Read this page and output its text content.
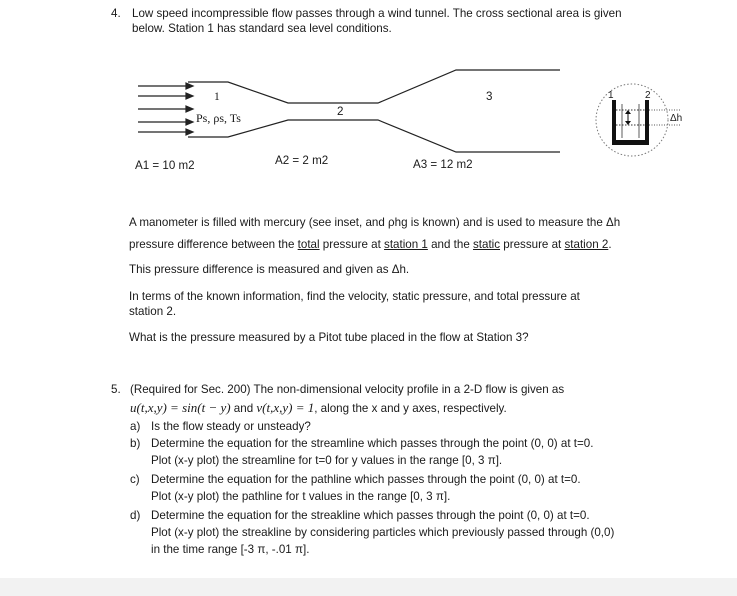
4. Low speed incompressible flow passes through a wind tunnel. The cross sectional area is given
below. Station 1 has standard sea level conditions.
1
Ps, ρs, Ts	2
3	1	2
Δh
A1 = 10 m2	A2 = 2 m2	A3 = 12 m2
A manometer is filled with mercury (see inset, and ρhg is known) and is used to measure the Δh
pressure difference between the total pressure at station 1 and the static pressure at station 2.
This pressure difference is measured and given as Δh.
In terms of the known information, find the velocity, static pressure, and total pressure at
station 2.
What is the pressure measured by a Pitot tube placed in the flow at Station 3?
5. (Required for Sec. 200) The non-dimensional velocity profile in a 2-D flow is given as
u(t,x,y) = sin(t − y) and v(t,x,y) = 1, along the x and y axes, respectively.
a) Is the flow steady or unsteady?
b) Determine the equation for the streamline which passes through the point (0, 0) at t=0.
Plot (x-y plot) the streamline for t=0 for y values in the range [0, 3 π].
c) Determine the equation for the pathline which passes through the point (0, 0) at t=0.
Plot (x-y plot) the pathline for t values in the range [0, 3 π].
d) Determine the equation for the streakline which passes through the point (0, 0) at t=0.
Plot (x-y plot) the streakline by considering particles which previously passed through (0,0)
in the time range [-3 π, -.01 π].
